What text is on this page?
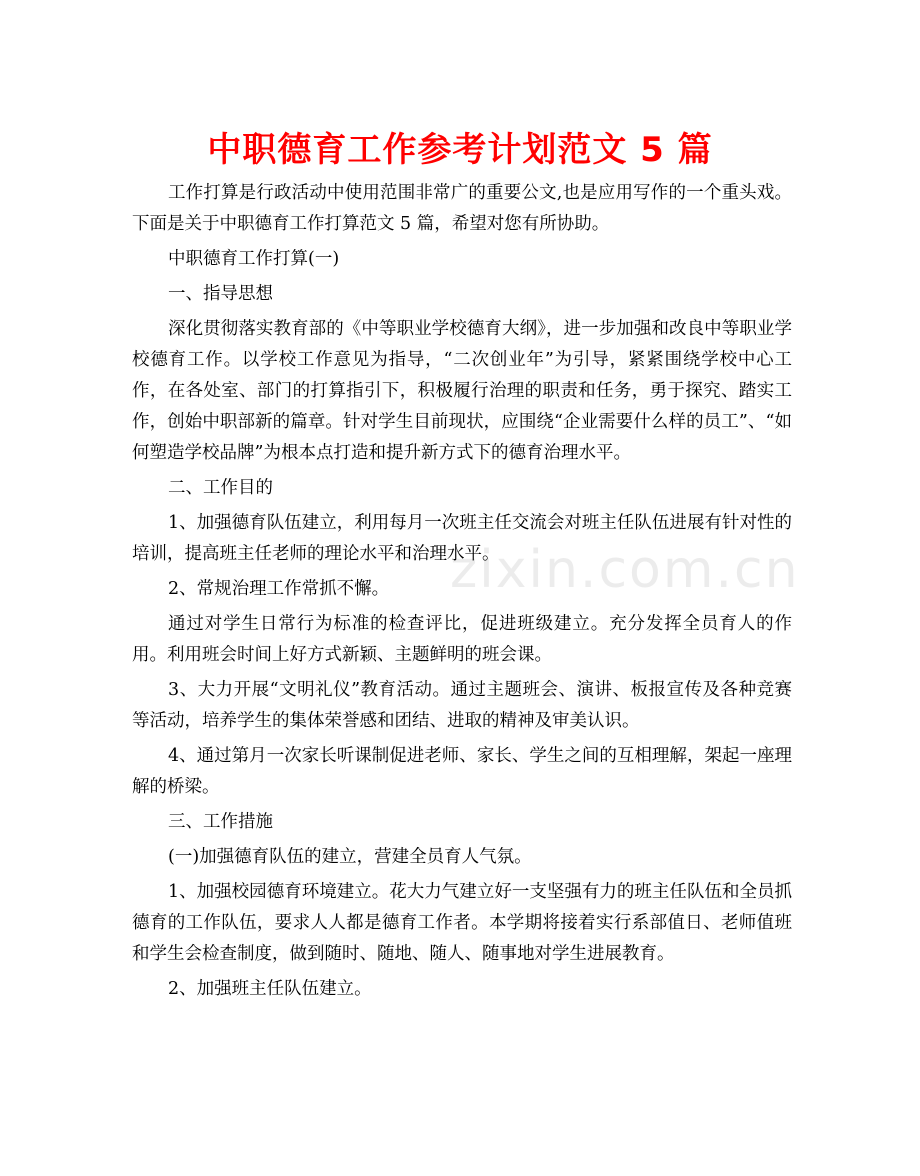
zixin.com.cn
中职德育工作参考计划范文 5 篇

工作打算是行政活动中使用范围非常广的重要公文,也是应用写作的一个重头戏。下面是关于中职德育工作打算范文 5 篇，希望对您有所协助。

中职德育工作打算(一)

一、指导思想

深化贯彻落实教育部的《中等职业学校德育大纲》，进一步加强和改良中等职业学校德育工作。以学校工作意见为指导，“二次创业年”为引导，紧紧围绕学校中心工作，在各处室、部门的打算指引下，积极履行治理的职责和任务，勇于探究、踏实工作，创始中职部新的篇章。针对学生目前现状，应围绕“企业需要什么样的员工”、“如何塑造学校品牌”为根本点打造和提升新方式下的德育治理水平。

二、工作目的

1、加强德育队伍建立，利用每月一次班主任交流会对班主任队伍进展有针对性的培训，提高班主任老师的理论水平和治理水平。

2、常规治理工作常抓不懈。

通过对学生日常行为标准的检查评比，促进班级建立。充分发挥全员育人的作用。利用班会时间上好方式新颖、主题鲜明的班会课。

3、大力开展“文明礼仪”教育活动。通过主题班会、演讲、板报宣传及各种竞赛等活动，培养学生的集体荣誉感和团结、进取的精神及审美认识。

4、通过第月一次家长听课制促进老师、家长、学生之间的互相理解，架起一座理解的桥梁。

三、工作措施

(一)加强德育队伍的建立，营建全员育人气氛。

1、加强校园德育环境建立。花大力气建立好一支坚强有力的班主任队伍和全员抓德育的工作队伍，要求人人都是德育工作者。本学期将接着实行系部值日、老师值班和学生会检查制度，做到随时、随地、随人、随事地对学生进展教育。

2、加强班主任队伍建立。
